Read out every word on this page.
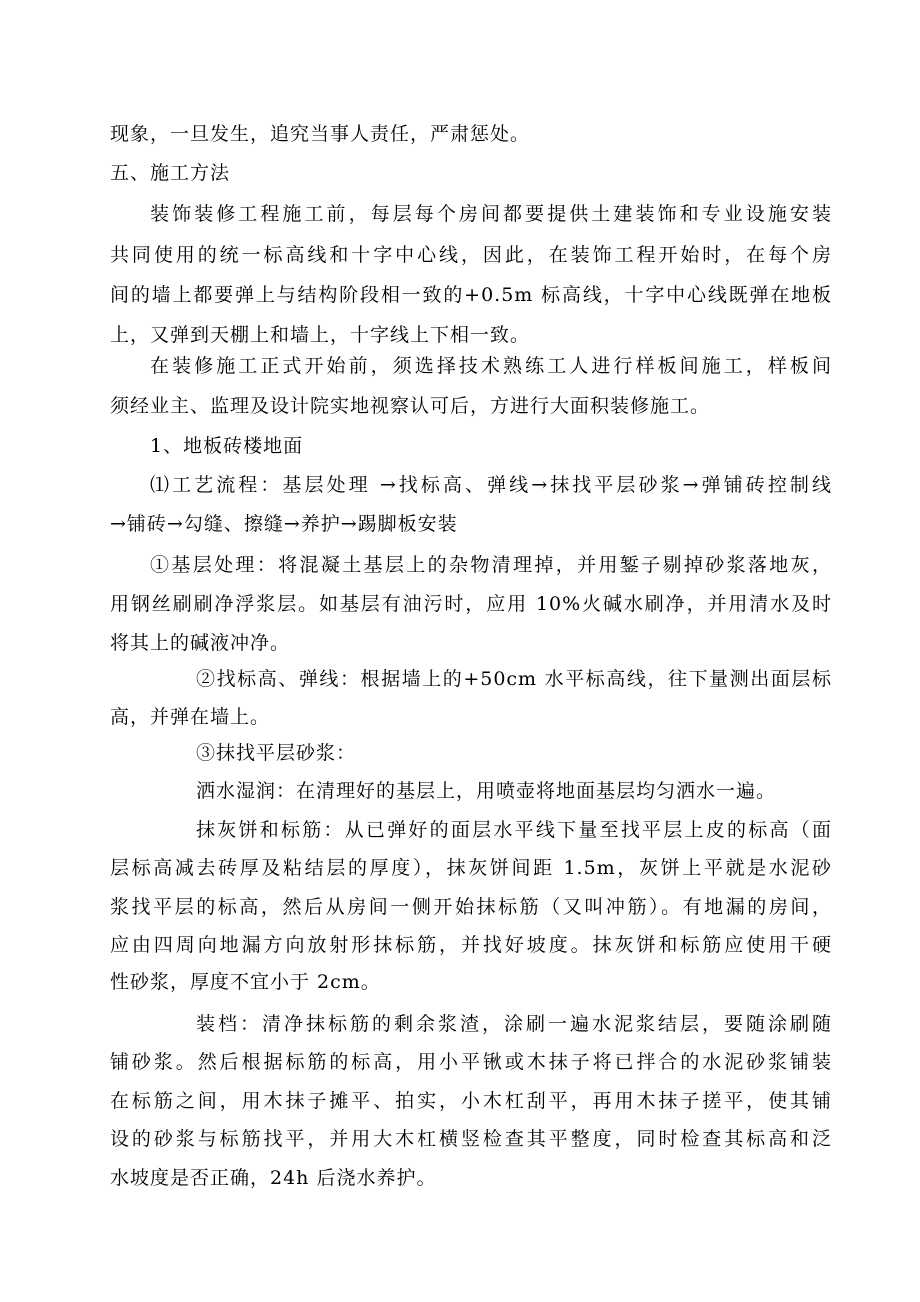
现象，一旦发生，追究当事人责任，严肃惩处。
五、施工方法
装饰装修工程施工前，每层每个房间都要提供土建装饰和专业设施安装
共同使用的统一标高线和十字中心线，因此，在装饰工程开始时，在每个房
间的墙上都要弹上与结构阶段相一致的+0.5m 标高线，十字中心线既弹在地板
上，又弹到天棚上和墙上，十字线上下相一致。
在装修施工正式开始前，须选择技术熟练工人进行样板间施工，样板间
须经业主、监理及设计院实地视察认可后，方进行大面积装修施工。
1、地板砖楼地面
⑴工艺流程：基层处理 →找标高、弹线→抹找平层砂浆→弹铺砖控制线
→铺砖→勾缝、擦缝→养护→踢脚板安装
①基层处理：将混凝土基层上的杂物清理掉，并用錾子剔掉砂浆落地灰，
用钢丝刷刷净浮浆层。如基层有油污时，应用 10%火碱水刷净，并用清水及时
将其上的碱液冲净。
②找标高、弹线：根据墙上的+50cm 水平标高线，往下量测出面层标
高，并弹在墙上。
③抹找平层砂浆：
洒水湿润：在清理好的基层上，用喷壶将地面基层均匀洒水一遍。
抹灰饼和标筋：从已弹好的面层水平线下量至找平层上皮的标高（面
层标高减去砖厚及粘结层的厚度），抹灰饼间距 1.5m，灰饼上平就是水泥砂
浆找平层的标高，然后从房间一侧开始抹标筋（又叫冲筋）。有地漏的房间，
应由四周向地漏方向放射形抹标筋，并找好坡度。抹灰饼和标筋应使用干硬
性砂浆，厚度不宜小于 2cm。
装档：清净抹标筋的剩余浆渣，涂刷一遍水泥浆结层，要随涂刷随
铺砂浆。然后根据标筋的标高，用小平锹或木抹子将已拌合的水泥砂浆铺装
在标筋之间，用木抹子摊平、拍实，小木杠刮平，再用木抹子搓平，使其铺
设的砂浆与标筋找平，并用大木杠横竖检查其平整度，同时检查其标高和泛
水坡度是否正确，24h 后浇水养护。
